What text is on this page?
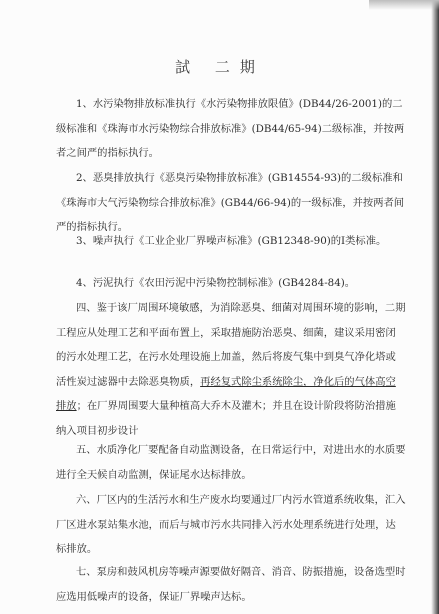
試 二期
1、水污染物排放标准执行《水污染物排放限值》(DB44/26-2001)的二级标准和《珠海市水污染物综合排放标准》(DB44/65-94)二级标准，并按两者之间严的指标执行。
2、恶臭排放执行《恶臭污染物排放标准》(GB14554-93)的二级标准和《珠海市大气污染物综合排放标准》(GB44/66-94)的一级标准，并按两者间严的指标执行。
3、噪声执行《工业企业厂界噪声标准》(GB12348-90)的Ⅰ类标准。
4、污泥执行《农田污泥中污染物控制标准》(GB4284-84)。
四、鉴于该厂周围环境敏感，为消除恶臭、细菌对周围环境的影响，二期工程应从处理工艺和平面布置上，采取措施防治恶臭、细菌，建议采用密闭的污水处理工艺，在污水处理设施上加盖，然后将废气集中到臭气净化塔或活性炭过滤器中去除恶臭物质，再经复式除尘系统除尘，净化后的气体高空排放；在厂界周围要大量种植高大乔木及灌木；并且在设计阶段将防治措施纳入项目初步设计
五、水质净化厂要配备自动监测设备，在日常运行中，对进出水的水质要进行全天候自动监测，保证尾水达标排放。
六、厂区内的生活污水和生产废水均要通过厂内污水管道系统收集，汇入厂区进水泵站集水池，而后与城市污水共同排入污水处理系统进行处理，达标排放。
七、泵房和鼓风机房等噪声源要做好隔音、消音、防振措施，设备选型时应选用低噪声的设备，保证厂界噪声达标。
